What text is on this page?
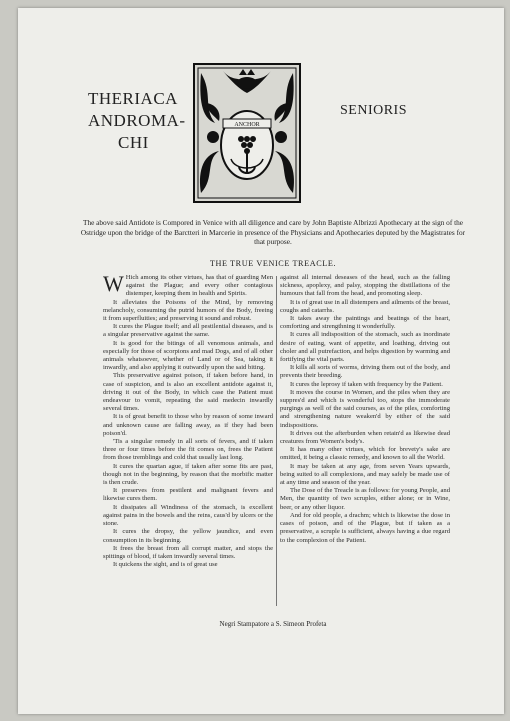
THERIACA
ANDROMA-
CHI
ANCHOR
SENIORIS
The above said Antidote is Compored in Venice with all diligence and care by John Baptiste Albrizzi Apothecary at the sign of the Ostridge upon the bridge of the Barctteri in Marcerie in presence of the Physicians and Apothecaries deputed by the Magistrates for that purpose.
THE TRUE VENICE TREACLE.

W Hich among its other virtues, has that of guarding Men against the Plague; and every other contagious distemper, keeping them in health and Spirits.

It alleviates the Poisons of the Mind, by removing melancholy, consuming the putrid humors of the Body, freeing it from superfluities; and preserving it sound and robust.

It cures the Plague itself; and all pestilential diseases, and is a singular preservative against the same.

It is good for the bitings of all venomous animals, and especially for those of scorpions and mad Dogs, and of all other animals whatsoever, whether of Land or of Sea, taking it inwardly, and also applying it outwardly upon the said biting.

This preservative against poison, if taken before hand, in case of suspicion, and is also an excellent antidote against it, driving it out of the Body, in which case the Patient must endeavour to vomit, repeating the said medecin inwardly several times.

It is of great benefit to those who by reason of some inward and unknown cause are falling away, as if they had been poison'd.

'Tis a singular remedy in all sorts of fevers, and if taken three or four times before the fit comes on, frees the Patient from those tremblings and cold that usually last long.

It cures the quartan ague, if taken after some fits are past, though not in the beginning, by reason that the morbific matter is then crude.

It preserves from pestilent and malignant fevers and likewise cures them.

It dissipates all Windiness of the stomach, is excellent against pains in the bowels and the reins, caus'd by ulcers or the stone.

It cures the dropsy, the yellow jaundice, and even consumption in its beginning.

It frees the breast from all corrupt matter, and stops the spittings of blood, if taken inwardly several times.

It quickens the sight, and is of great use

against all internal deseases of the head, such as the falling sickness, apoplexy, and palsy, stopping the distillations of the humours that fall from the head, and promoting sleep.

It is of great use in all distempers and ailments of the breast, coughs and catarrhs.

It takes away the paintings and beatings of the heart, comforting and strengthning it wonderfully.

It cures all indisposition of the stomach, such as inordinate desire of eating, want of appetite, and loathing, driving out choler and all putrefaction, and helps digestion by warming and fortifying the vital parts.

It kills all sorts of worms, driving them out of the body, and prevents their breeding.

It cures the leprosy if taken with frequency by the Patient.

It moves the course in Women, and the piles when they are suppres'd and which is wonderful too, stops the immoderate purgings as well of the said courses, as of the piles, comforting and strengthening nature weaken'd by either of the said indispositions.

It drives out the afterburden when retain'd as likewise dead creatures from Women's body's.

It has many other virtues, which for brevety's sake are omitted, it being a classic remedy, and known to all the World.

It may be taken at any age, from seven Years upwards, being suited to all complexions, and may safely be made use of at any time and season of the year.

The Dose of the Treacle is as follows: for young People, and Men, the quantity of two scruples, either alone; or in Wine, beer, or any other liquor.

And for old people, a drachm; which is likewise the dose in cases of poison, and of the Plague, but if taken as a preservative, a scruple is sufficient, always having a due regard to the complexion of the Patient.

Negri Stampatore a S. Simeon Profeta
